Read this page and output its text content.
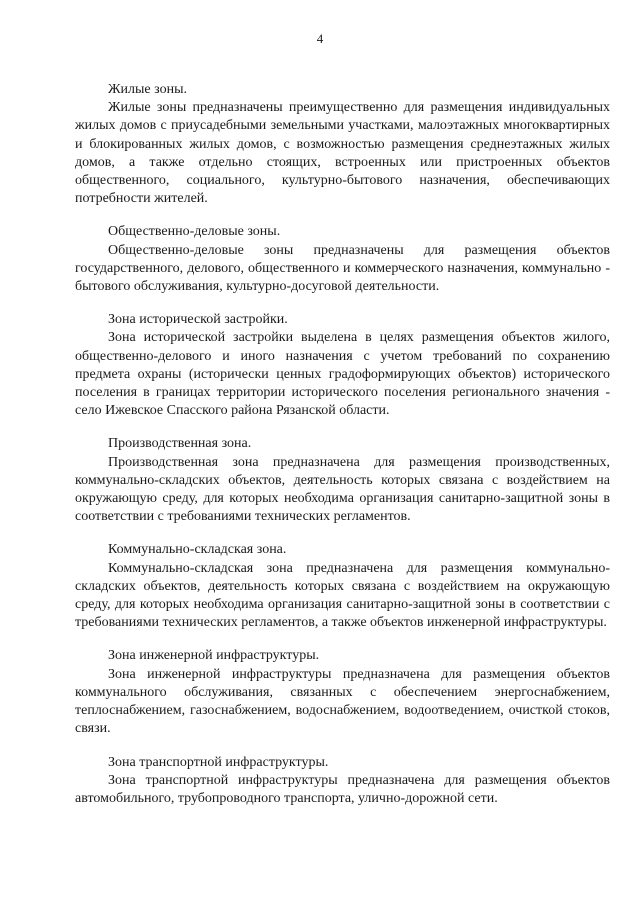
4

Жилые зоны.

Жилые зоны предназначены преимущественно для размещения индивидуальных жилых домов с приусадебными земельными участками, малоэтажных многоквартирных и блокированных жилых домов, с возможностью размещения среднеэтажных жилых домов, а также отдельно стоящих, встроенных или пристроенных объектов общественного, социального, культурно-бытового назначения, обеспечивающих потребности жителей.

Общественно-деловые зоны.

Общественно-деловые зоны предназначены для размещения объектов государственного, делового, общественного и коммерческого назначения, коммунально - бытового обслуживания, культурно-досуговой деятельности.

Зона исторической застройки.

Зона исторической застройки выделена в целях размещения объектов жилого, общественно-делового и иного назначения с учетом требований по сохранению предмета охраны (исторически ценных градоформирующих объектов) исторического поселения в границах территории исторического поселения регионального значения - село Ижевское Спасского района Рязанской области.

Производственная зона.

Производственная зона предназначена для размещения производственных, коммунально-складских объектов, деятельность которых связана с воздействием на окружающую среду, для которых необходима организация санитарно-защитной зоны в соответствии с требованиями технических регламентов.

Коммунально-складская зона.

Коммунально-складская зона предназначена для размещения коммунально-складских объектов, деятельность которых связана с воздействием на окружающую среду, для которых необходима организация санитарно-защитной зоны в соответствии с требованиями технических регламентов, а также объектов инженерной инфраструктуры.

Зона инженерной инфраструктуры.

Зона инженерной инфраструктуры предназначена для размещения объектов коммунального обслуживания, связанных с обеспечением энергоснабжением, теплоснабжением, газоснабжением, водоснабжением, водоотведением, очисткой стоков, связи.

Зона транспортной инфраструктуры.

Зона транспортной инфраструктуры предназначена для размещения объектов автомобильного, трубопроводного транспорта, улично-дорожной сети.
